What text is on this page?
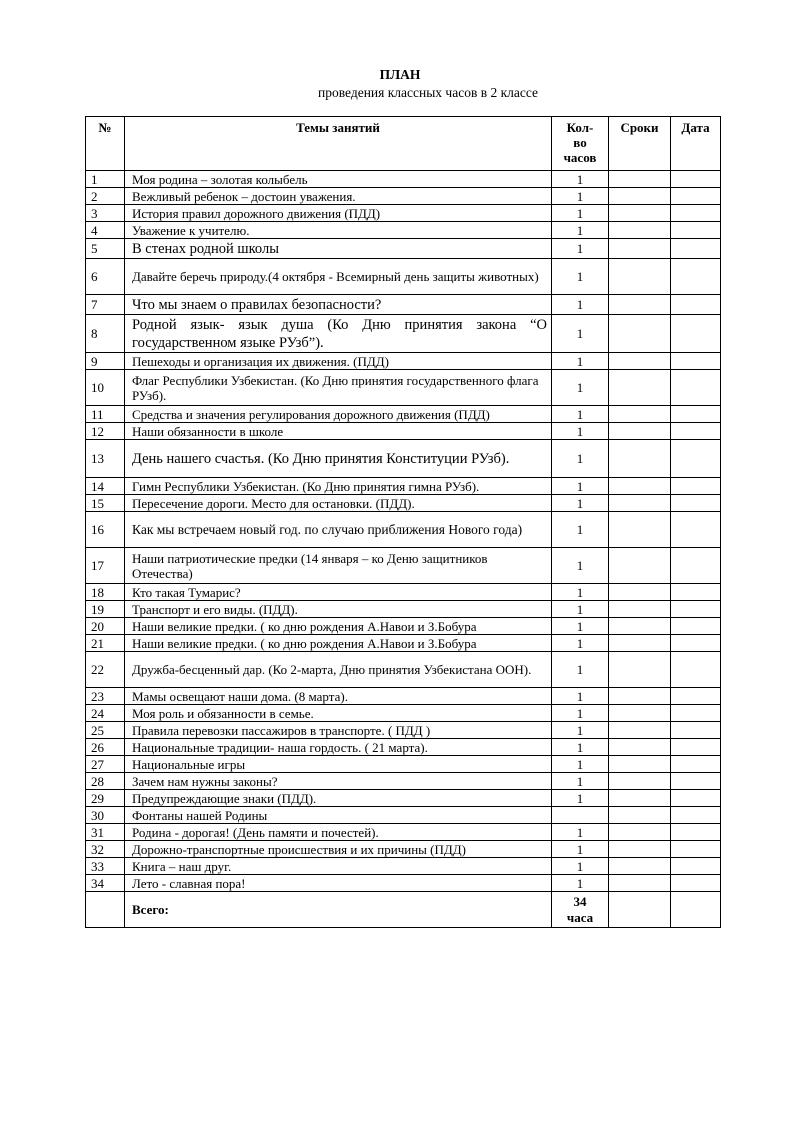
ПЛАН
проведения классных часов в 2 классе
№	Темы занятий	Кол-
во
часов	Сроки	Дата
1	Моя родина – золотая колыбель	1		
2	Вежливый ребенок – достоин уважения.	1		
3	История правил дорожного движения (ПДД)	1		
4	Уважение к учителю.	1		
5	В стенах родной школы	1		
6	Давайте беречь природу.(4 октября - Всемирный день защиты животных)	1		
7	Что мы знаем о правилах безопасности?	1		
8	Родной язык- язык душа (Ко Дню принятия закона “О государственном языке РУзб”).	1		
9	Пешеходы и организация их движения. (ПДД)	1		
10	Флаг Республики Узбекистан. (Ко Дню принятия государственного флага РУзб).	1		
11	Средства и значения регулирования дорожного движения (ПДД)	1		
12	Наши обязанности в школе	1		
13	День нашего счастья. (Ко Дню принятия Конституции РУзб).	1		
14	Гимн Республики Узбекистан. (Ко Дню принятия гимна РУзб).	1		
15	Пересечение дороги. Место для остановки. (ПДД).	1		
16	Как мы встречаем новый год. по случаю приближения Нового года)	1		
17	Наши патриотические предки (14 января – ко Деню защитников Отечества)	1		
18	Кто такая Тумарис?	1		
19	Транспорт и его виды. (ПДД).	1		
20	Наши великие предки. ( ко дню рождения А.Навои и З.Бобура	1		
21	Наши великие предки. ( ко дню рождения А.Навои и З.Бобура	1		
22	Дружба-бесценный дар. (Ко 2-марта, Дню принятия Узбекистана ООН).	1		
23	Мамы освещают наши дома. (8 марта).	1		
24	Моя роль и обязанности в семье.	1		
25	Правила перевозки пассажиров в транспорте. ( ПДД )	1		
26	Национальные традиции- наша гордость. ( 21 марта).	1		
27	Национальные игры	1		
28	Зачем нам нужны законы?	1		
29	Предупреждающие знаки (ПДД).	1		
30	Фонтаны нашей Родины			
31	Родина - дорогая! (День памяти и почестей).	1		
32	Дорожно-транспортные происшествия и их причины (ПДД)	1		
33	Книга – наш друг.	1		
34	Лето - славная пора!	1		
	Всего:	34
часа		
